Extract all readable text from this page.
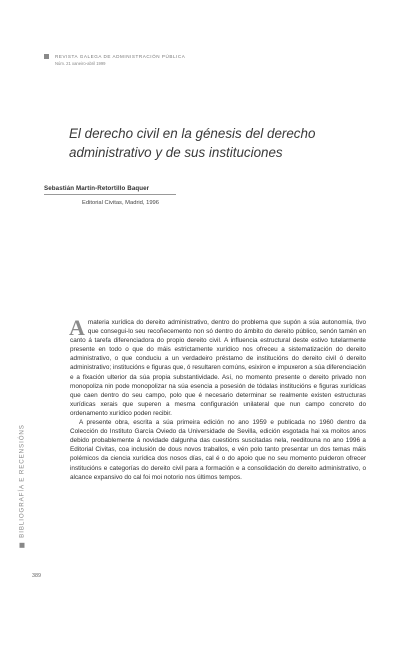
REVISTA GALEGA DE ADMINISTRACIÓN PÚBLICA
Núm. 21 xaneiro-abril 1999
El derecho civil en la génesis del derecho administrativo y de sus instituciones
Sebastián Martín-Retortillo Baquer
Editorial Civitas, Madrid, 1996
BIBLIOGRAFÍA E RECENSIÓNS
389

Amateria xurídica do dereito administrativo, dentro do problema que supón a súa autonomía, tivo que consegui-lo seu recoñecemento non só dentro do ámbito do dereito público, senón tamén en canto á tarefa diferenciadora do propio dereito civil. A influencia estructural deste estivo tutelarmente presente en todo o que do máis estrictamente xurídico nos ofreceu a sistematización do dereito administrativo, o que conduciu a un verdadeiro préstamo de institucións do dereito civil ó dereito administrativo; institucións e figuras que, ó resultaren comúns, esixiron e impuxeron a súa diferenciación e a fixación ulterior da súa propia substantividade. Así, no momento presente o dereito privado non monopoliza nin pode monopolizar na súa esencia a posesión de tódalas institucións e figuras xurídicas que caen dentro do seu campo, polo que é necesario determinar se realmente existen estructuras xurídicas xerais que superen a mesma configuración unilateral que nun campo concreto do ordenamento xurídico poden recibir.

A presente obra, escrita a súa primeira edición no ano 1959 e publicada no 1960 dentro da Colección do Instituto García Oviedo da Universidade de Sevilla, edición esgotada hai xa moitos anos debido probablemente á novidade dalgunha das cuestións suscitadas nela, reeditouna no ano 1996 a Editorial Civitas, coa inclusión de dous novos traballos, e vén polo tanto presentar un dos temas máis polémicos da ciencia xurídica dos nosos días, cal é o do apoio que no seu momento puideron ofrecer institucións e categorías do dereito civil para a formación e a consolidación do dereito administrativo, o alcance expansivo do cal foi moi notorio nos últimos tempos.
